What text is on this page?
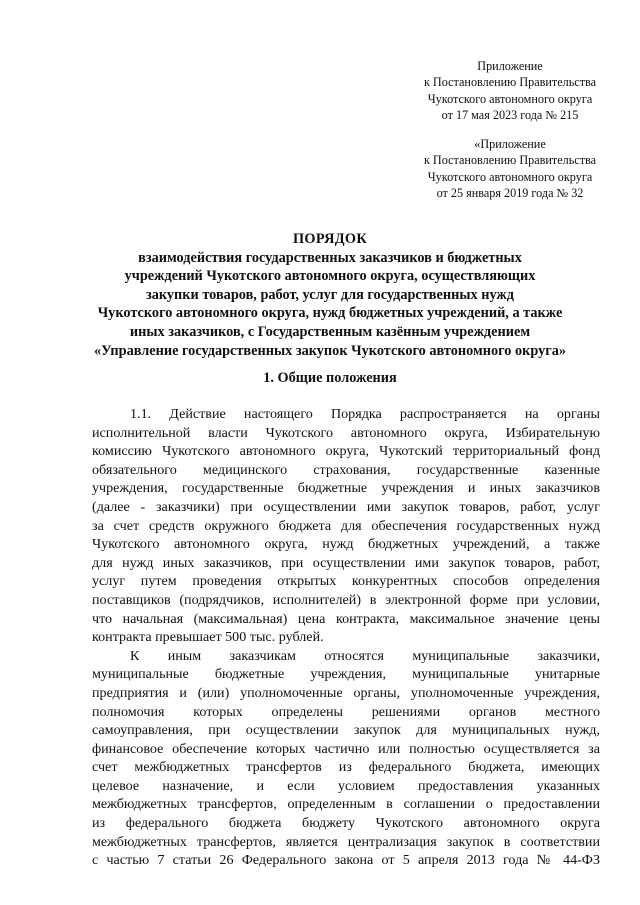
Приложение
к Постановлению Правительства
Чукотского автономного округа
от 17 мая 2023 года № 215
«Приложение
к Постановлению Правительства
Чукотского автономного округа
от 25 января 2019 года № 32
ПОРЯДОК
взаимодействия государственных заказчиков и бюджетных
учреждений Чукотского автономного округа, осуществляющих
закупки товаров, работ, услуг для государственных нужд
Чукотского автономного округа, нужд бюджетных учреждений, а также
иных заказчиков, с Государственным казённым учреждением
«Управление государственных закупок Чукотского автономного округа»
1. Общие положения
1.1. Действие настоящего Порядка распространяется на органы
исполнительной власти Чукотского автономного округа, Избирательную
комиссию Чукотского автономного округа, Чукотский территориальный фонд
обязательного медицинского страхования, государственные казенные
учреждения, государственные бюджетные учреждения и иных заказчиков
(далее - заказчики) при осуществлении ими закупок товаров, работ, услуг
за счет средств окружного бюджета для обеспечения государственных нужд
Чукотского автономного округа, нужд бюджетных учреждений, а также
для нужд иных заказчиков, при осуществлении ими закупок товаров, работ,
услуг путем проведения открытых конкурентных способов определения
поставщиков (подрядчиков, исполнителей) в электронной форме при условии,
что начальная (максимальная) цена контракта, максимальное значение цены
контракта превышает 500 тыс. рублей.
К иным заказчикам относятся муниципальные заказчики,
муниципальные бюджетные учреждения, муниципальные унитарные
предприятия и (или) уполномоченные органы, уполномоченные учреждения,
полномочия которых определены решениями органов местного
самоуправления, при осуществлении закупок для муниципальных нужд,
финансовое обеспечение которых частично или полностью осуществляется за
счет межбюджетных трансфертов из федерального бюджета, имеющих
целевое назначение, и если условием предоставления указанных
межбюджетных трансфертов, определенным в соглашении о предоставлении
из федерального бюджета бюджету Чукотского автономного округа
межбюджетных трансфертов, является централизация закупок в соответствии
с частью 7 статьи 26 Федерального закона от 5 апреля 2013 года № 44-ФЗ
